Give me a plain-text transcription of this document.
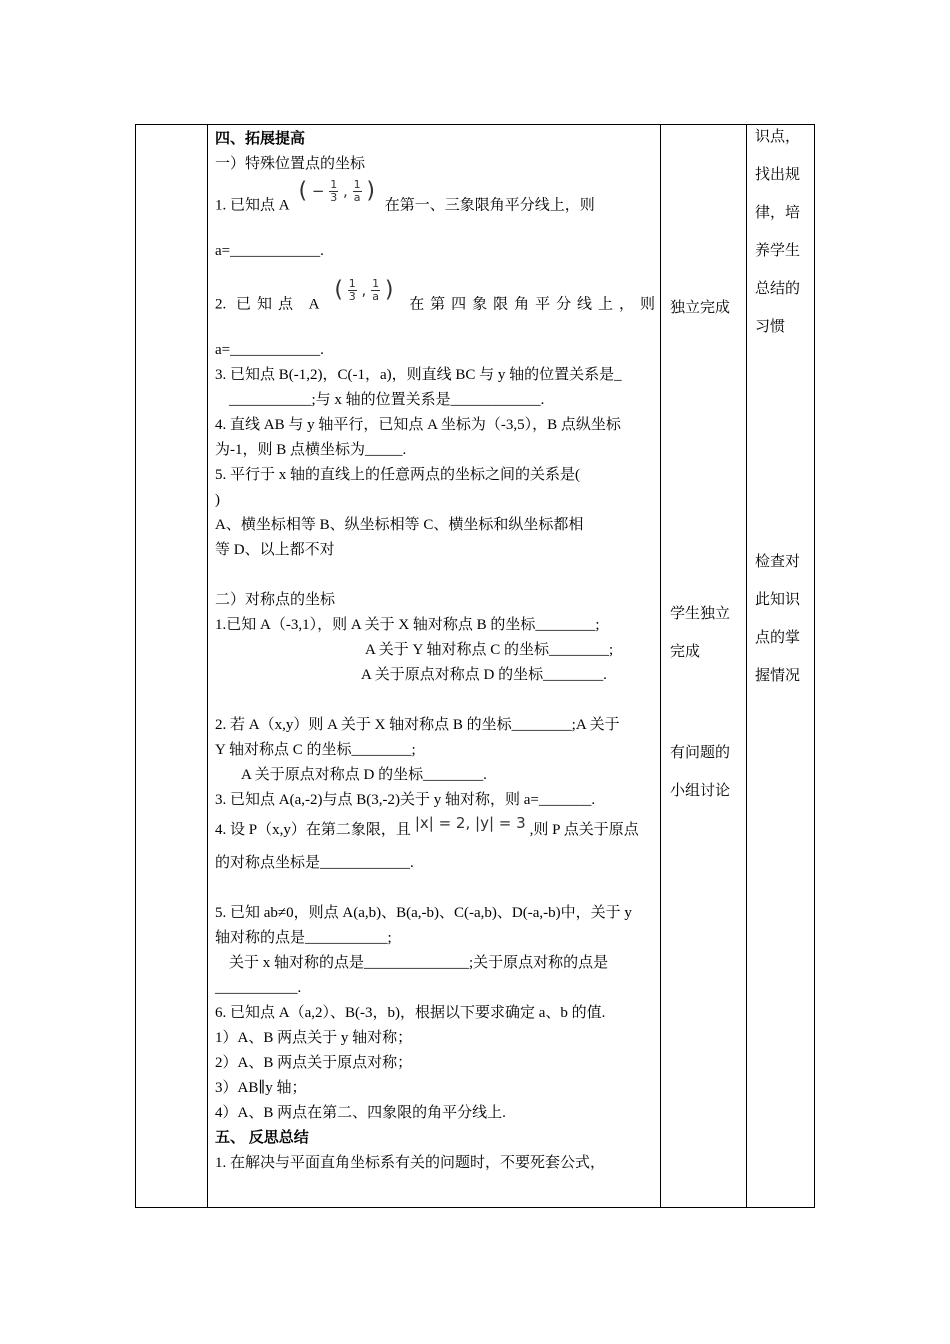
四、拓展提高

一）特殊位置点的坐标

1. 已知点 A ( − $\frac{1}{3}$ , $\frac{1}{a}$ ) 在第一、三象限角平分线上，则

a=____________.

2. 已知点 A ( $\frac{1}{3}$ , $\frac{1}{a}$ ) 在第四象限角平分线上，则

a=____________.

3. 已知点 B(-1,2)，C(-1，a)，则直线 BC 与 y 轴的位置关系是_

___________;与 x 轴的位置关系是____________.

4. 直线 AB 与 y 轴平行，已知点 A 坐标为（-3,5），B 点纵坐标

为-1，则 B 点横坐标为_____.

5. 平行于 x 轴的直线上的任意两点的坐标之间的关系是(

)

A、横坐标相等 B、纵坐标相等 C、横坐标和纵坐标都相

等 D、以上都不对

二）对称点的坐标

1.已知 A（-3,1），则 A 关于 X 轴对称点 B 的坐标________;

A 关于 Y 轴对称点 C 的坐标________;

A 关于原点对称点 D 的坐标________.

2. 若 A（x,y）则 A 关于 X 轴对称点 B 的坐标________;A 关于

Y 轴对称点 C 的坐标________;

A 关于原点对称点 D 的坐标________.

3. 已知点 A(a,-2)与点 B(3,-2)关于 y 轴对称，则 a=_______.

4. 设 P（x,y）在第二象限，且 |x| = 2, |y| = 3 ,则 P 点关于原点

的对称点坐标是____________.

5. 已知 ab≠0，则点 A(a,b)、B(a,-b)、C(-a,b)、D(-a,-b)中，关于 y

轴对称的点是___________;

关于 x 轴对称的点是______________;关于原点对称的点是

___________.

6. 已知点 A（a,2）、B(-3，b)，根据以下要求确定 a、b 的值.

1）A、B 两点关于 y 轴对称；

2）A、B 两点关于原点对称；

3）AB∥y 轴；

4）A、B 两点在第二、四象限的角平分线上.

五、 反思总结

1. 在解决与平面直角坐标系有关的问题时，不要死套公式，

独立完成
学生独立
完成
有问题的
小组讨论
识点，
找出规
律，培
养学生
总结的
习惯
检查对
此知识
点的掌
握情况
